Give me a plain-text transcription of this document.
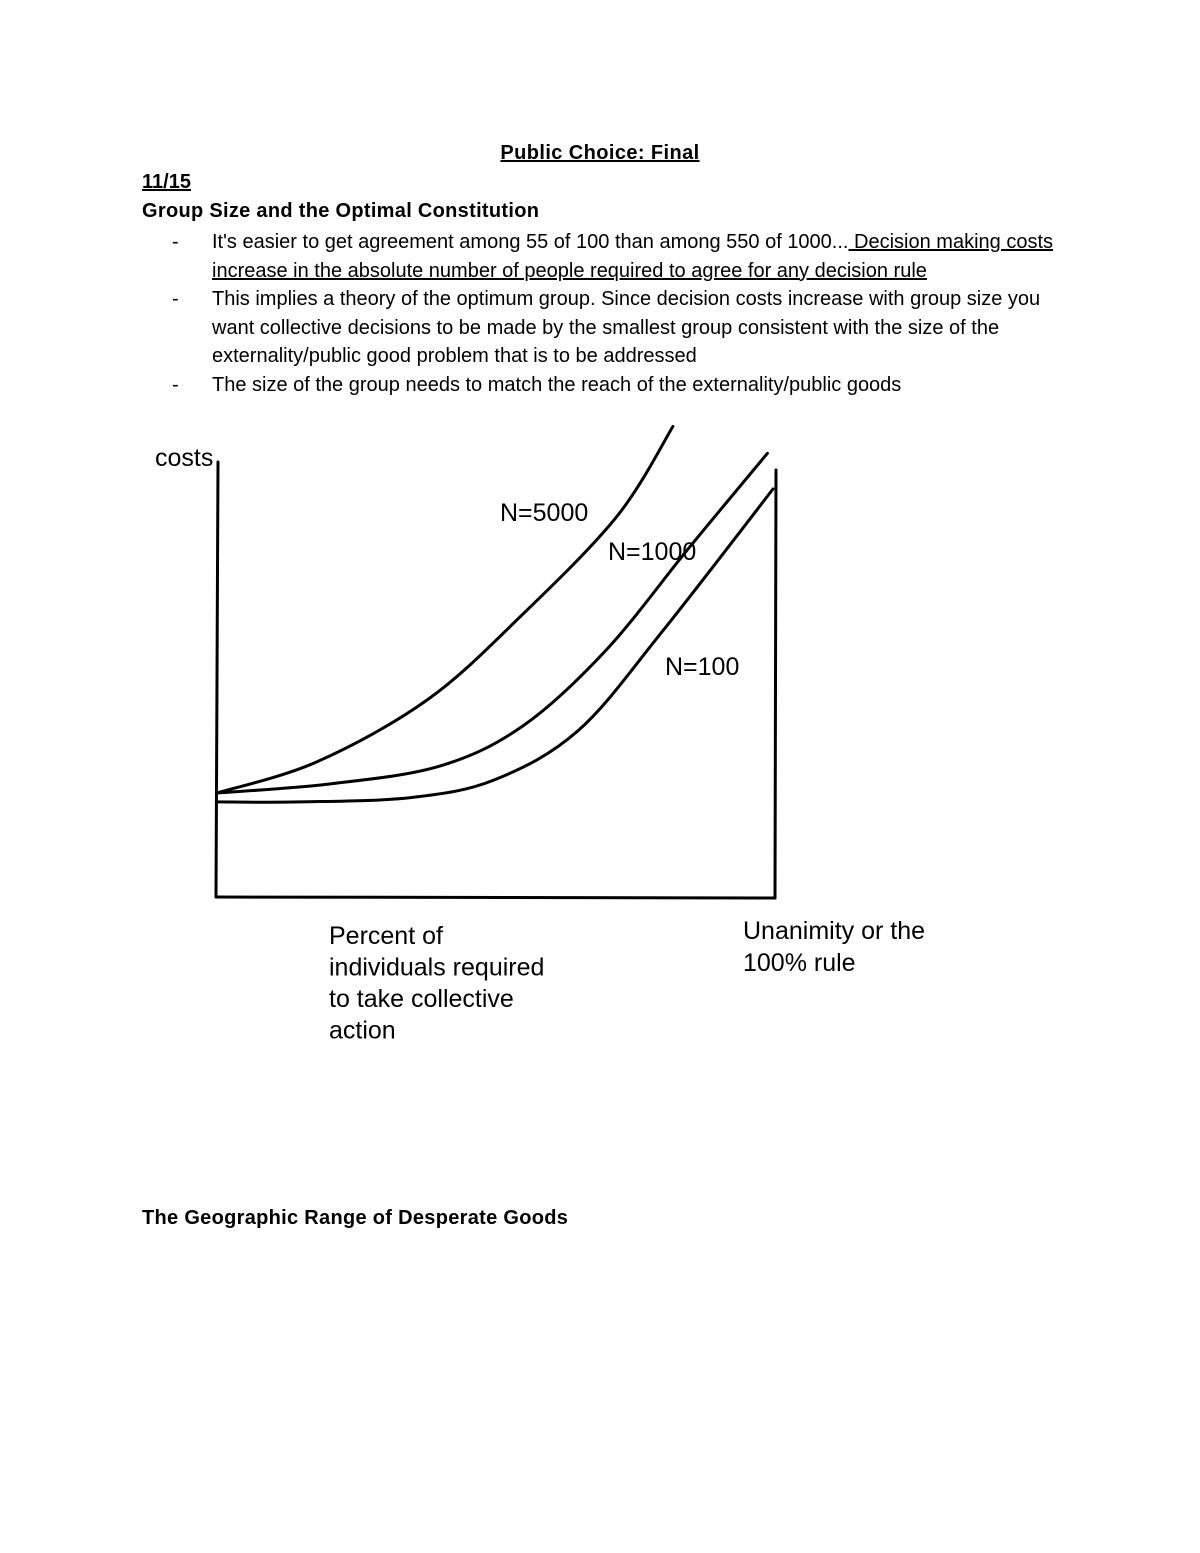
Public Choice: Final
11/15
Group Size and the Optimal Constitution
- It's easier to get agreement among 55 of 100 than among 550 of 1000... Decision making costs increase in the absolute number of people required to agree for any decision rule
- This implies a theory of the optimum group. Since decision costs increase with group size you want collective decisions to be made by the smallest group consistent with the size of the externality/public good problem that is to be addressed
- The size of the group needs to match the reach of the externality/public goods
N=5000
N=1000
N=100
costs
Percent of
individuals required
to take collective
action
Unanimity or the
100% rule
The Geographic Range of Desperate Goods
